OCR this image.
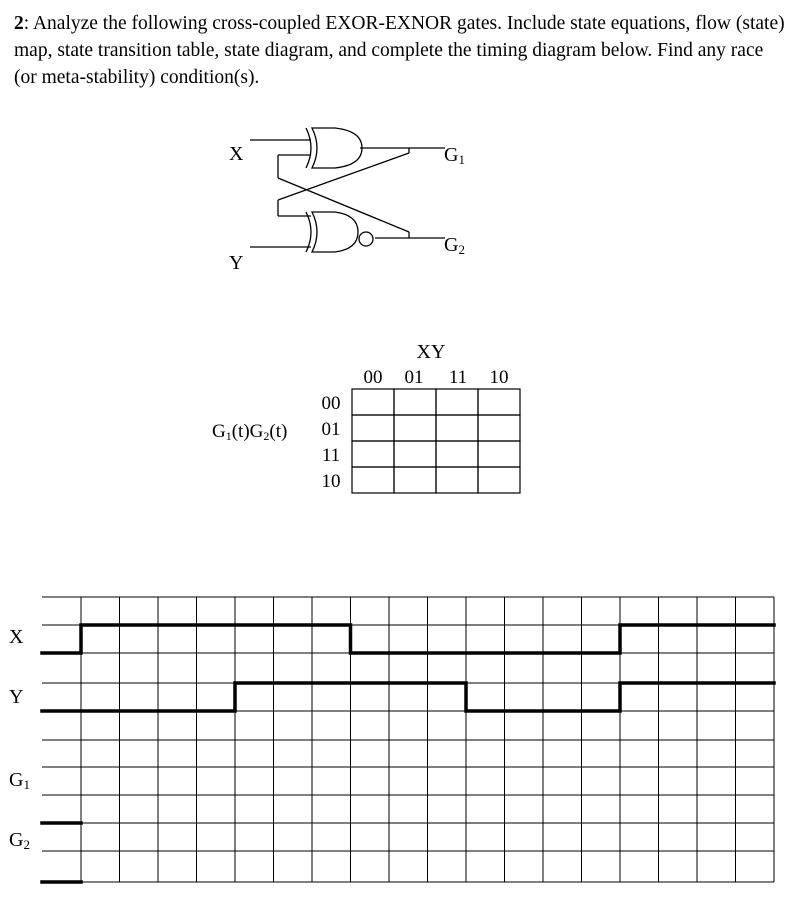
2: Analyze the following cross-coupled EXOR-EXNOR gates. Include state equations, flow (state) map, state transition table, state diagram, and complete the timing diagram below. Find any race (or meta-stability) condition(s).

X
Y
G1
G2
XY
00 01 11 10
00
01
11
10
G1(t)G2(t)
X
Y
G1
G2
